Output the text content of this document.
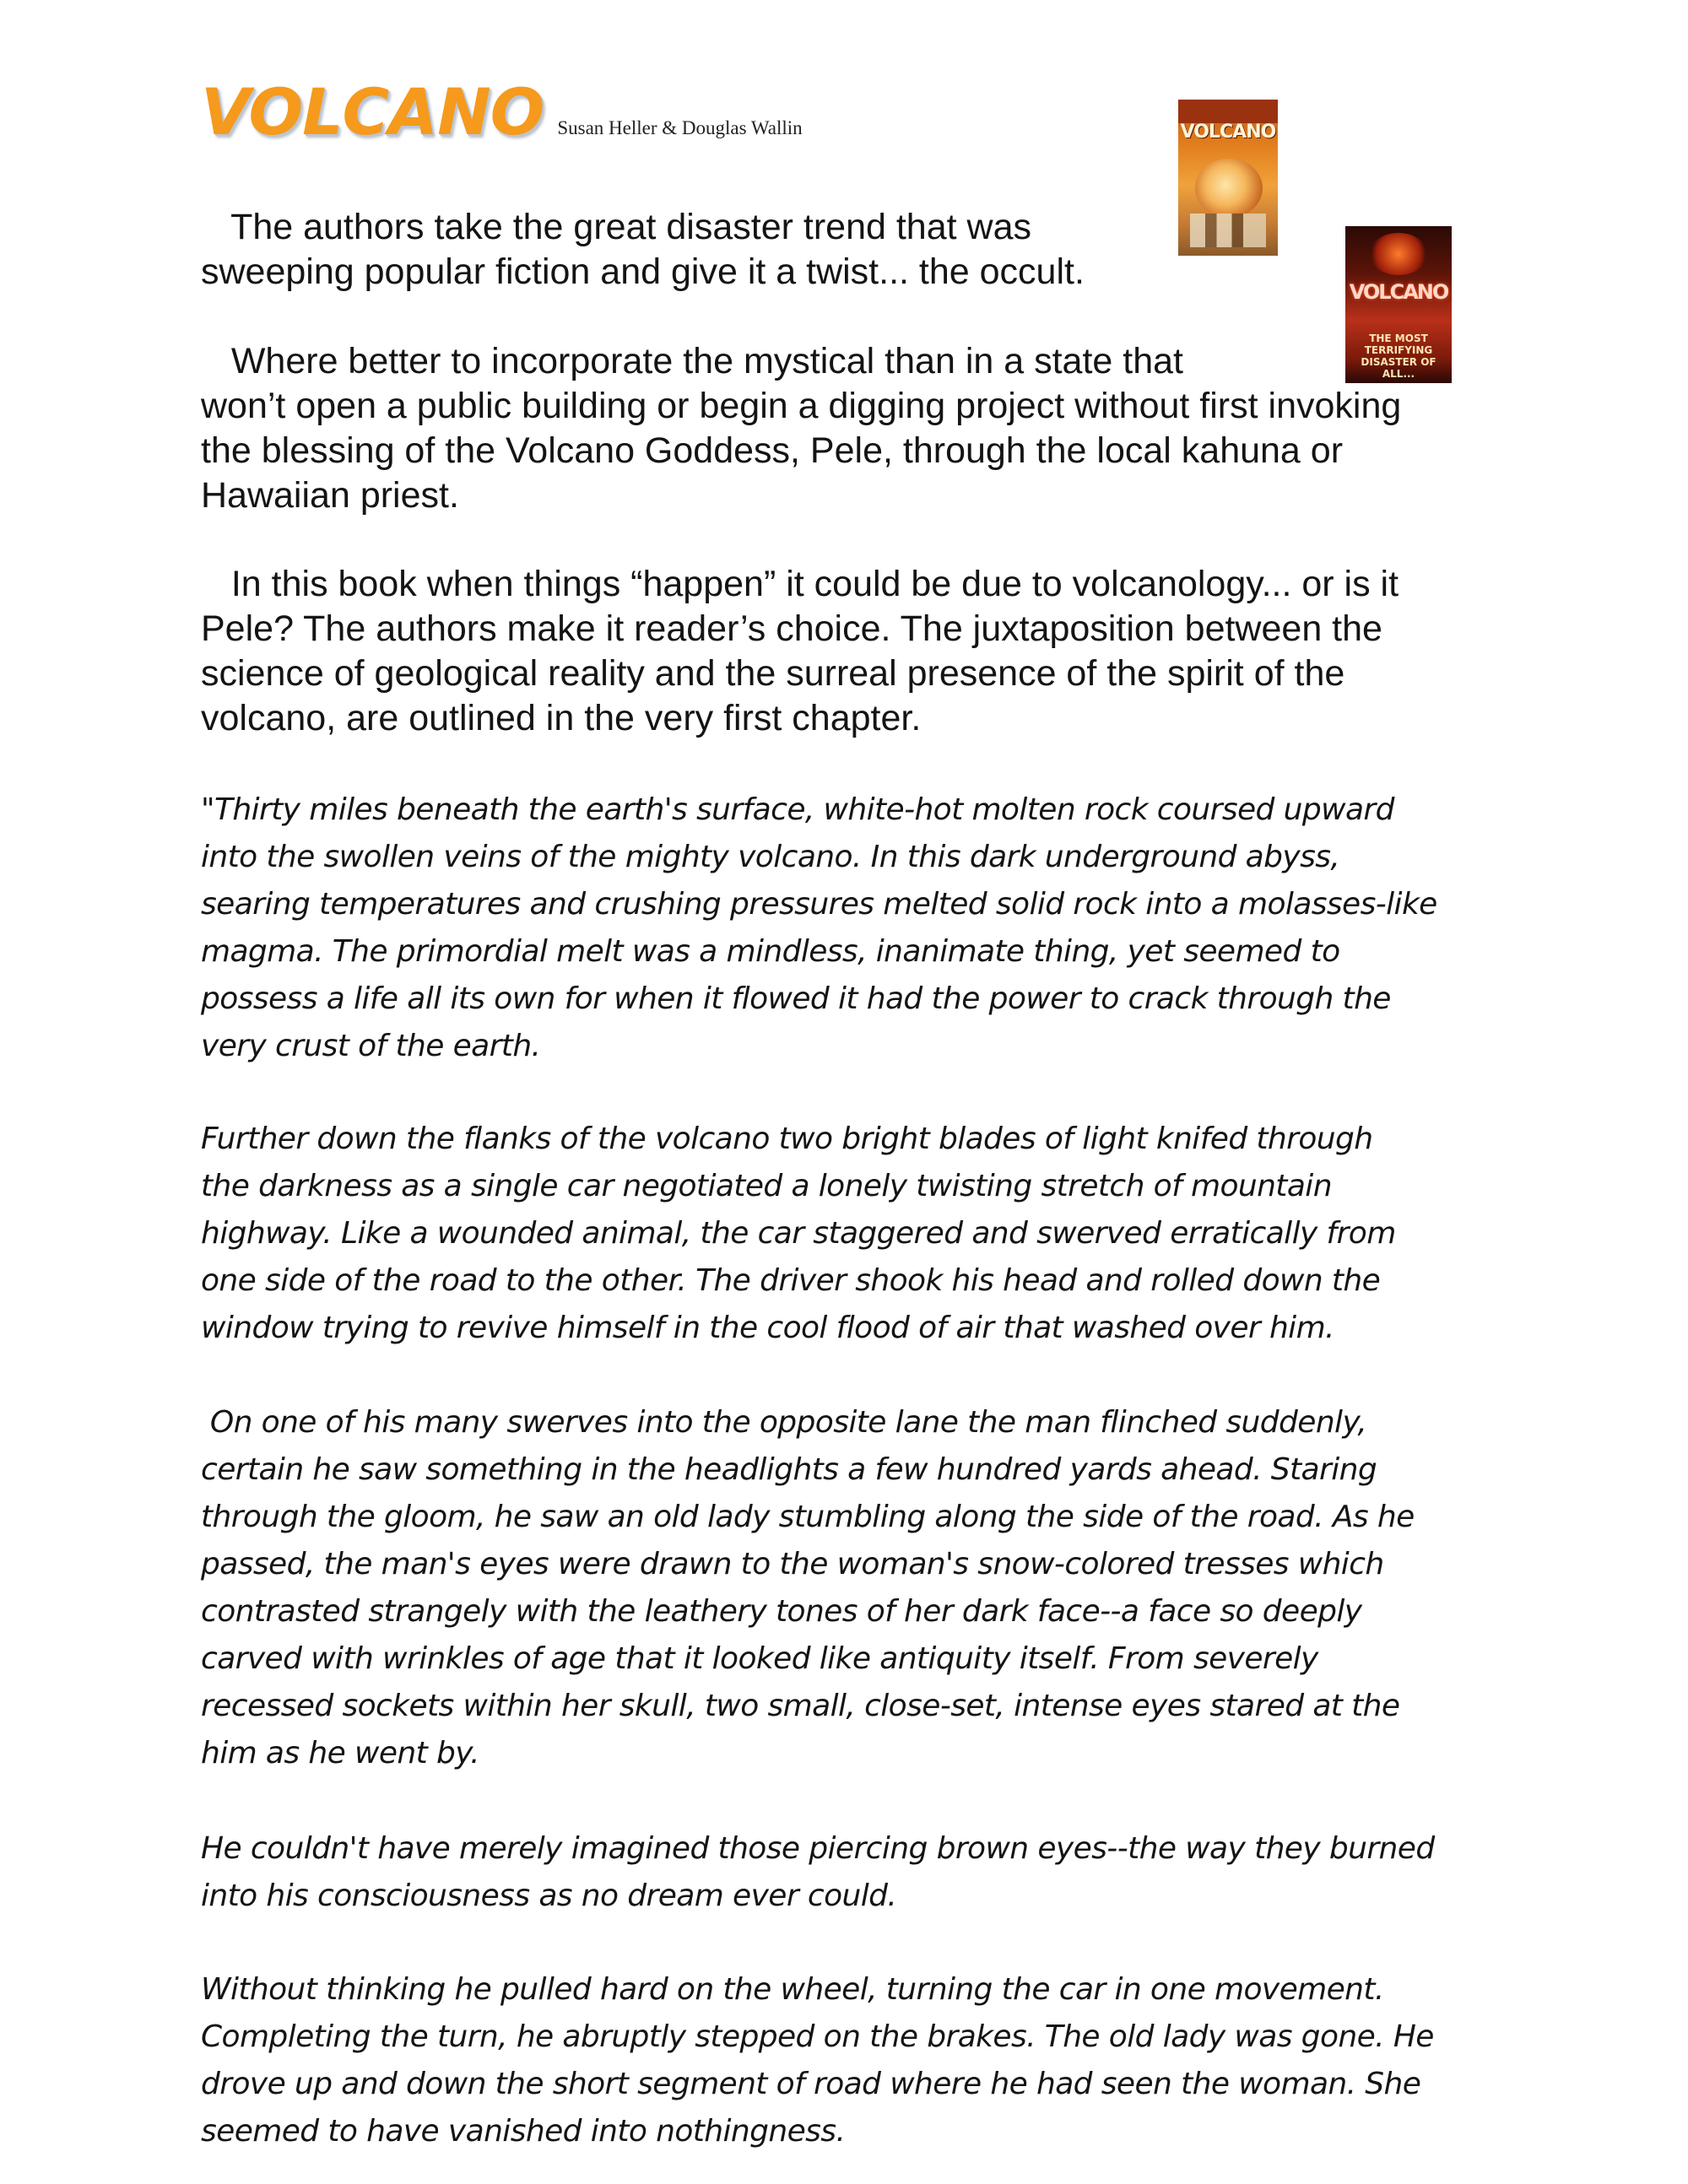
VOLCANO Susan Heller & Douglas Wallin	VOLCANO
VOLCANO
THE MOST TERRIFYING DISASTER OF ALL...

The authors take the great disaster trend that was
sweeping popular fiction and give it a twist... the occult.

Where better to incorporate the mystical than in a state that
won’t open a public building or begin a digging project without first invoking
the blessing of the Volcano Goddess, Pele, through the local kahuna or
Hawaiian priest.

In this book when things “happen” it could be due to volcanology... or is it
Pele? The authors make it reader’s choice. The juxtaposition between the
science of geological reality and the surreal presence of the spirit of the
volcano, are outlined in the very first chapter.

"Thirty miles beneath the earth's surface, white-hot molten rock coursed upward
into the swollen veins of the mighty volcano. In this dark underground abyss,
searing temperatures and crushing pressures melted solid rock into a molasses-like
magma. The primordial melt was a mindless, inanimate thing, yet seemed to
possess a life all its own for when it flowed it had the power to crack through the
very crust of the earth.

Further down the flanks of the volcano two bright blades of light knifed through
the darkness as a single car negotiated a lonely twisting stretch of mountain
highway. Like a wounded animal, the car staggered and swerved erratically from
one side of the road to the other. The driver shook his head and rolled down the
window trying to revive himself in the cool flood of air that washed over him.

On one of his many swerves into the opposite lane the man flinched suddenly,
certain he saw something in the headlights a few hundred yards ahead. Staring
through the gloom, he saw an old lady stumbling along the side of the road. As he
passed, the man's eyes were drawn to the woman's snow-colored tresses which
contrasted strangely with the leathery tones of her dark face--a face so deeply
carved with wrinkles of age that it looked like antiquity itself. From severely
recessed sockets within her skull, two small, close-set, intense eyes stared at the
him as he went by.

He couldn't have merely imagined those piercing brown eyes--the way they burned
into his consciousness as no dream ever could.

Without thinking he pulled hard on the wheel, turning the car in one movement.
Completing the turn, he abruptly stepped on the brakes. The old lady was gone. He
drove up and down the short segment of road where he had seen the woman. She
seemed to have vanished into nothingness.
